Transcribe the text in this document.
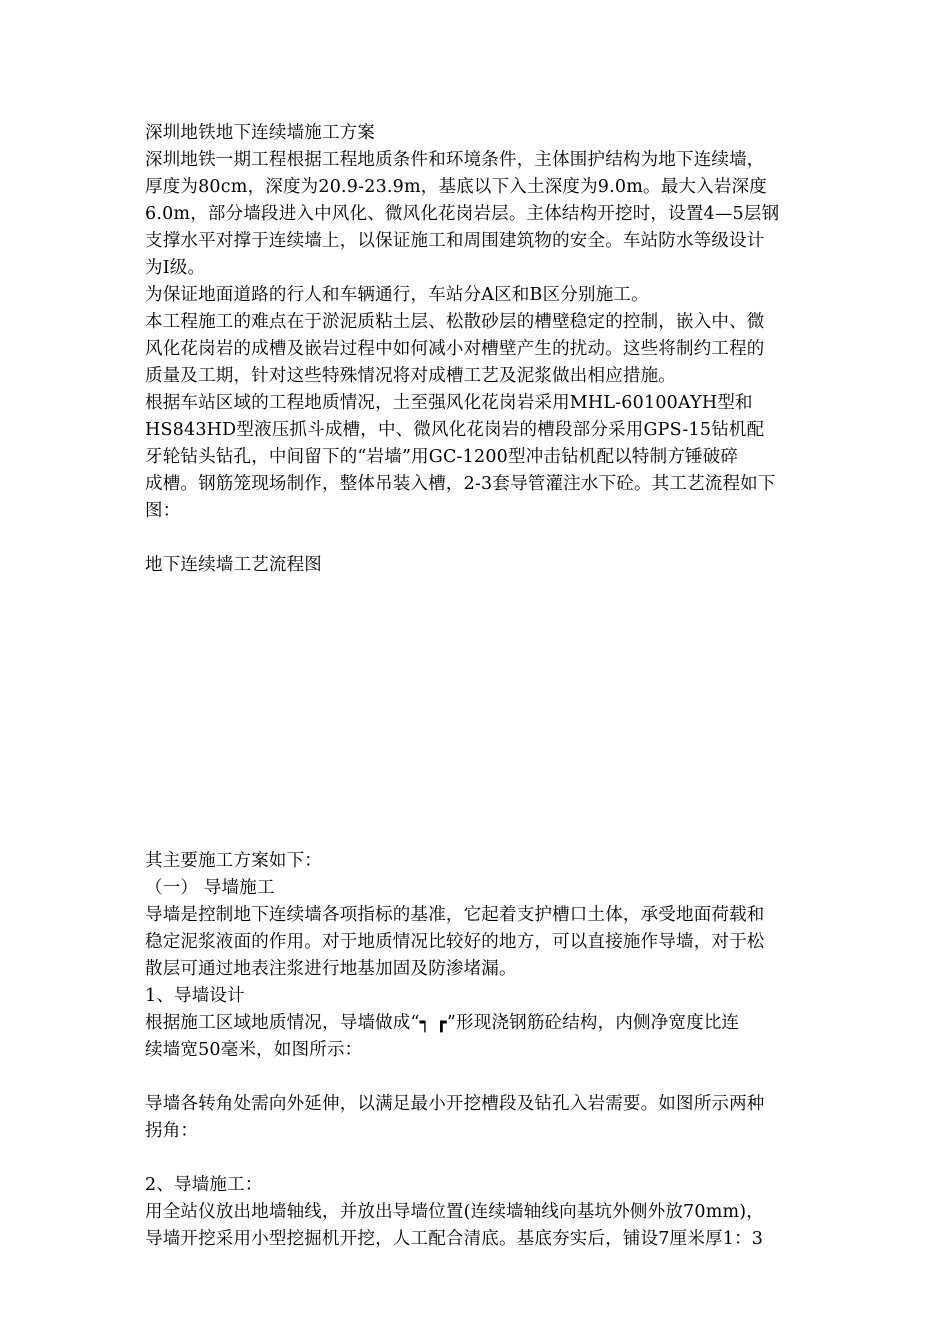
深圳地铁地下连续墙施工方案
深圳地铁一期工程根据工程地质条件和环境条件，主体围护结构为地下连续墙，
厚度为80cm，深度为20.9-23.9m，基底以下入土深度为9.0m。最大入岩深度
6.0m，部分墙段进入中风化、微风化花岗岩层。主体结构开挖时，设置4—5层钢
支撑水平对撑于连续墙上，以保证施工和周围建筑物的安全。车站防水等级设计
为Ⅰ级。
为保证地面道路的行人和车辆通行，车站分A区和B区分别施工。
本工程施工的难点在于淤泥质粘土层、松散砂层的槽壁稳定的控制，嵌入中、微
风化花岗岩的成槽及嵌岩过程中如何减小对槽壁产生的扰动。这些将制约工程的
质量及工期，针对这些特殊情况将对成槽工艺及泥浆做出相应措施。
根据车站区域的工程地质情况，土至强风化花岗岩采用MHL-60100AYH型和
HS843HD型液压抓斗成槽，中、微风化花岗岩的槽段部分采用GPS-15钻机配
牙轮钻头钻孔，中间留下的“岩墙”用GC-1200型冲击钻机配以特制方锤破碎
成槽。钢筋笼现场制作，整体吊装入槽，2-3套导管灌注水下砼。其工艺流程如下
图：
地下连续墙工艺流程图
其主要施工方案如下：
（一） 导墙施工
导墙是控制地下连续墙各项指标的基准，它起着支护槽口土体，承受地面荷载和
稳定泥浆液面的作用。对于地质情况比较好的地方，可以直接施作导墙，对于松
散层可通过地表注浆进行地基加固及防渗堵漏。
1、导墙设计
根据施工区域地质情况，导墙做成“┑ ┏”形现浇钢筋砼结构，内侧净宽度比连
续墙宽50毫米，如图所示：
导墙各转角处需向外延伸，以满足最小开挖槽段及钻孔入岩需要。如图所示两种
拐角：
2、导墙施工：
用全站仪放出地墙轴线，并放出导墙位置(连续墙轴线向基坑外侧外放70mm)，
导墙开挖采用小型挖掘机开挖，人工配合清底。基底夯实后，铺设7厘米厚1：3
